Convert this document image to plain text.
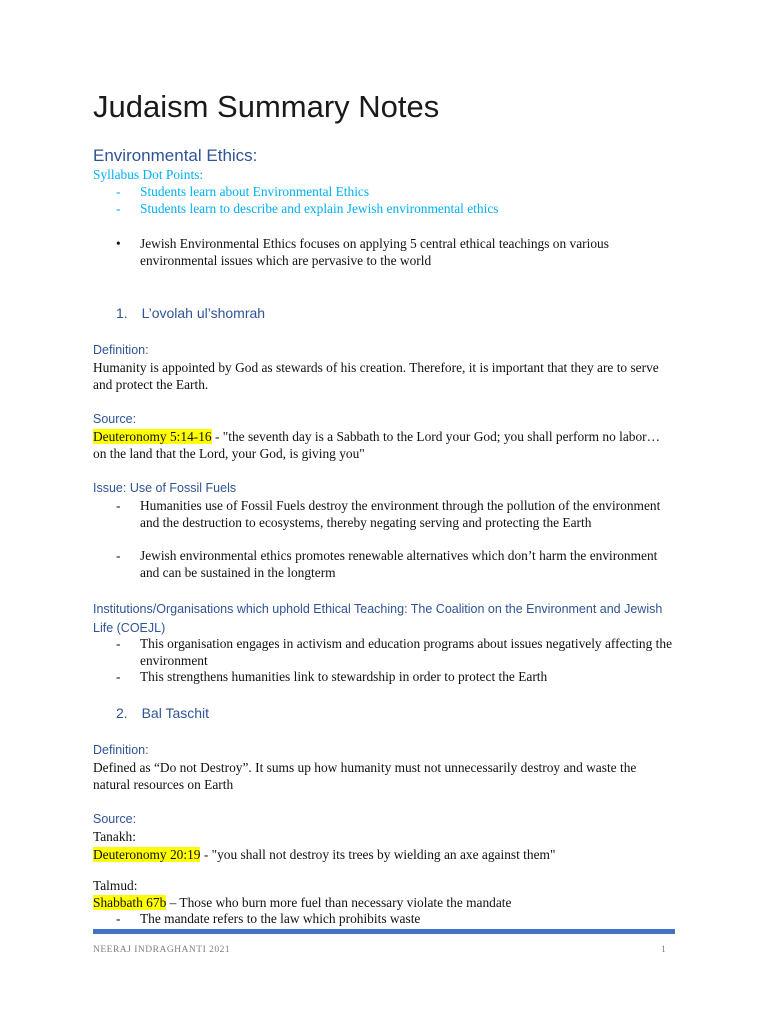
Judaism Summary Notes
Environmental Ethics:
Syllabus Dot Points:
- Students learn about Environmental Ethics
- Students learn to describe and explain Jewish environmental ethics
• Jewish Environmental Ethics focuses on applying 5 central ethical teachings on various environmental issues which are pervasive to the world
1. L’ovolah ul’shomrah
Definition:
Humanity is appointed by God as stewards of his creation. Therefore, it is important that they are to serve and protect the Earth.
Source:
Deuteronomy 5:14-16 - "the seventh day is a Sabbath to the Lord your God; you shall perform no labor…on the land that the Lord, your God, is giving you"
Issue: Use of Fossil Fuels
- Humanities use of Fossil Fuels destroy the environment through the pollution of the environment and the destruction to ecosystems, thereby negating serving and protecting the Earth
- Jewish environmental ethics promotes renewable alternatives which don’t harm the environment and can be sustained in the longterm
Institutions/Organisations which uphold Ethical Teaching: The Coalition on the Environment and Jewish Life (COEJL)
- This organisation engages in activism and education programs about issues negatively affecting the environment
- This strengthens humanities link to stewardship in order to protect the Earth
2. Bal Taschit
Definition:
Defined as “Do not Destroy”. It sums up how humanity must not unnecessarily destroy and waste the natural resources on Earth
Source:
Tanakh:
Deuteronomy 20:19 - "you shall not destroy its trees by wielding an axe against them"
Talmud:
Shabbath 67b – Those who burn more fuel than necessary violate the mandate
- The mandate refers to the law which prohibits waste
NEERAJ INDRAGHANTI 2021	1
